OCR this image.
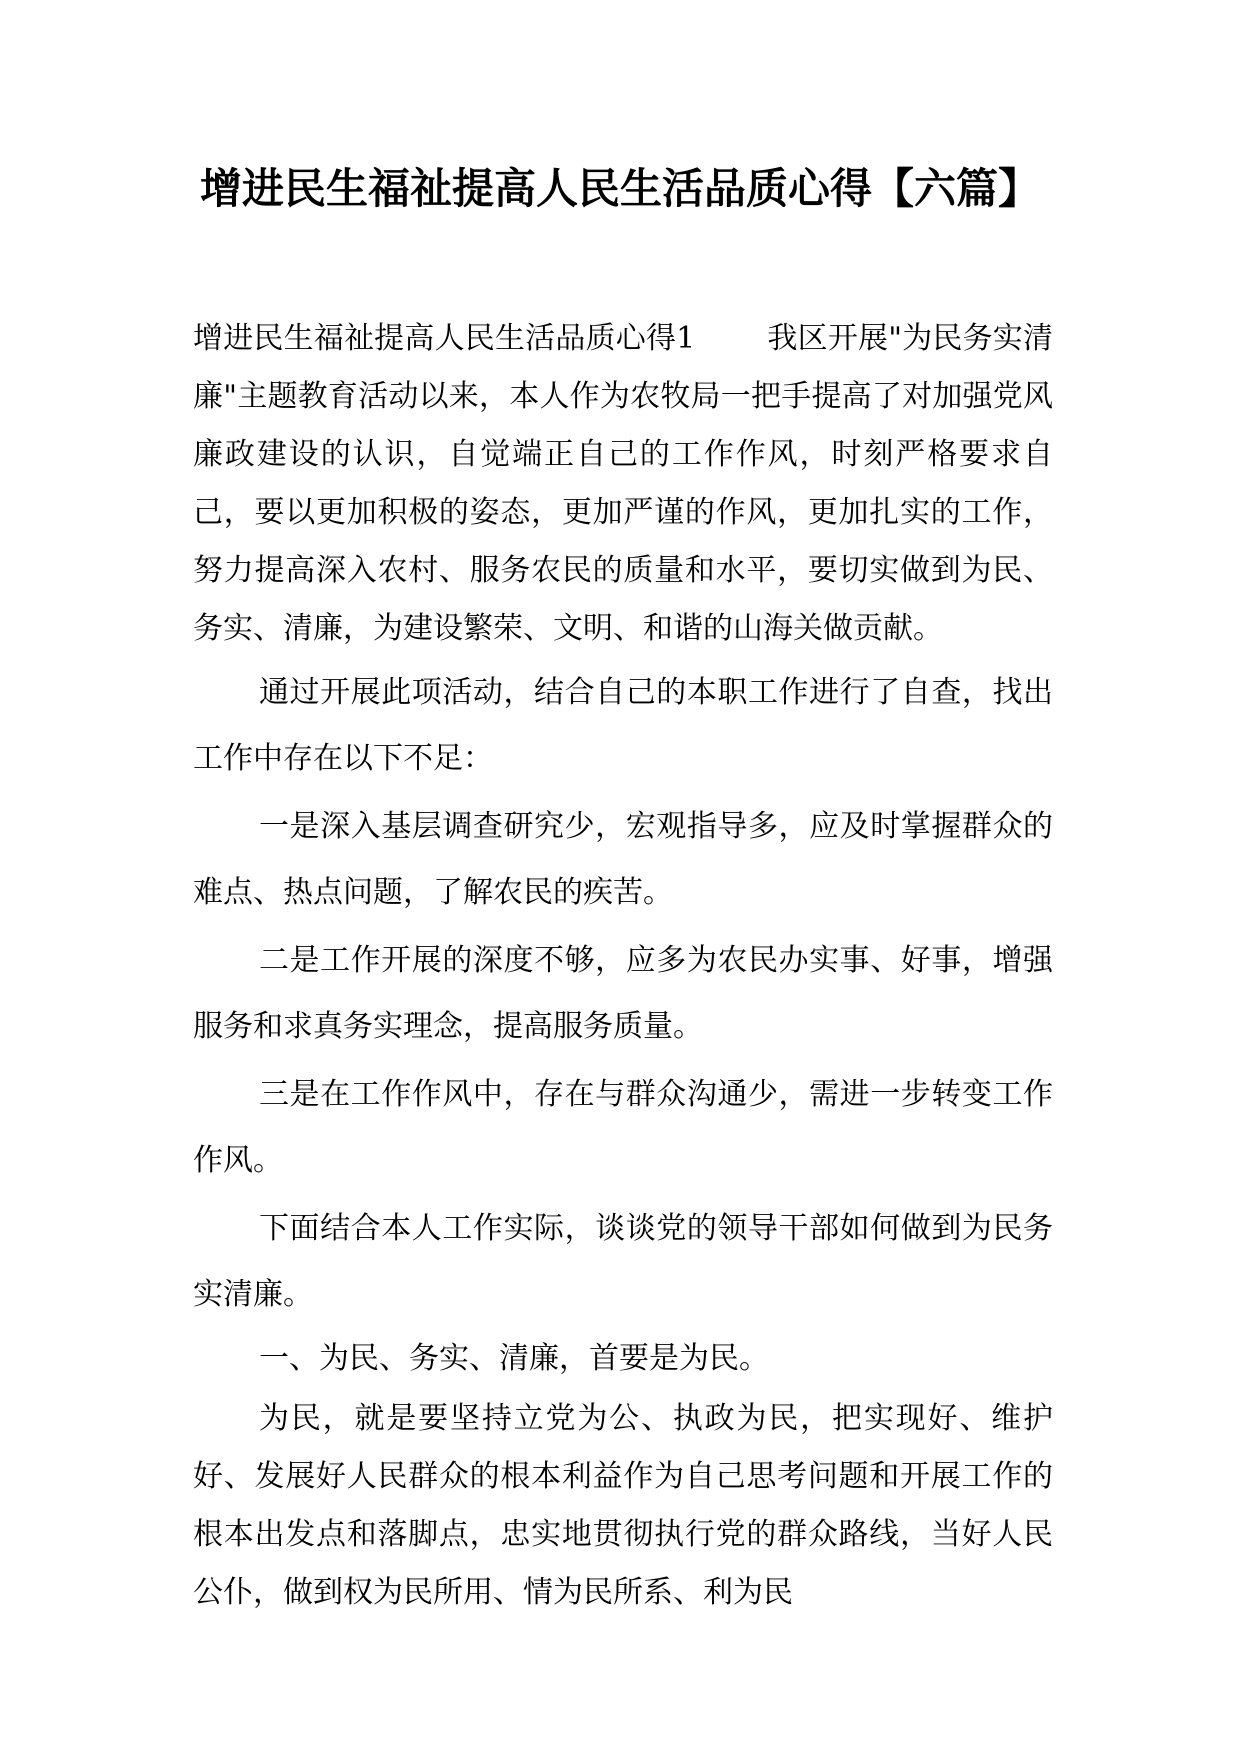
增进民生福祉提高人民生活品质心得【六篇】

增进民生福祉提高人民生活品质心得1 我区开展"为民务实清廉"主题教育活动以来，本人作为农牧局一把手提高了对加强党风廉政建设的认识，自觉端正自己的工作作风，时刻严格要求自己，要以更加积极的姿态，更加严谨的作风，更加扎实的工作，努力提高深入农村、服务农民的质量和水平，要切实做到为民、务实、清廉，为建设繁荣、文明、和谐的山海关做贡献。

通过开展此项活动，结合自己的本职工作进行了自查，找出工作中存在以下不足：

一是深入基层调查研究少，宏观指导多，应及时掌握群众的难点、热点问题，了解农民的疾苦。

二是工作开展的深度不够，应多为农民办实事、好事，增强服务和求真务实理念，提高服务质量。

三是在工作作风中，存在与群众沟通少，需进一步转变工作作风。

下面结合本人工作实际，谈谈党的领导干部如何做到为民务实清廉。

一、为民、务实、清廉，首要是为民。

为民，就是要坚持立党为公、执政为民，把实现好、维护好、发展好人民群众的根本利益作为自己思考问题和开展工作的根本出发点和落脚点，忠实地贯彻执行党的群众路线，当好人民公仆，做到权为民所用、情为民所系、利为民
